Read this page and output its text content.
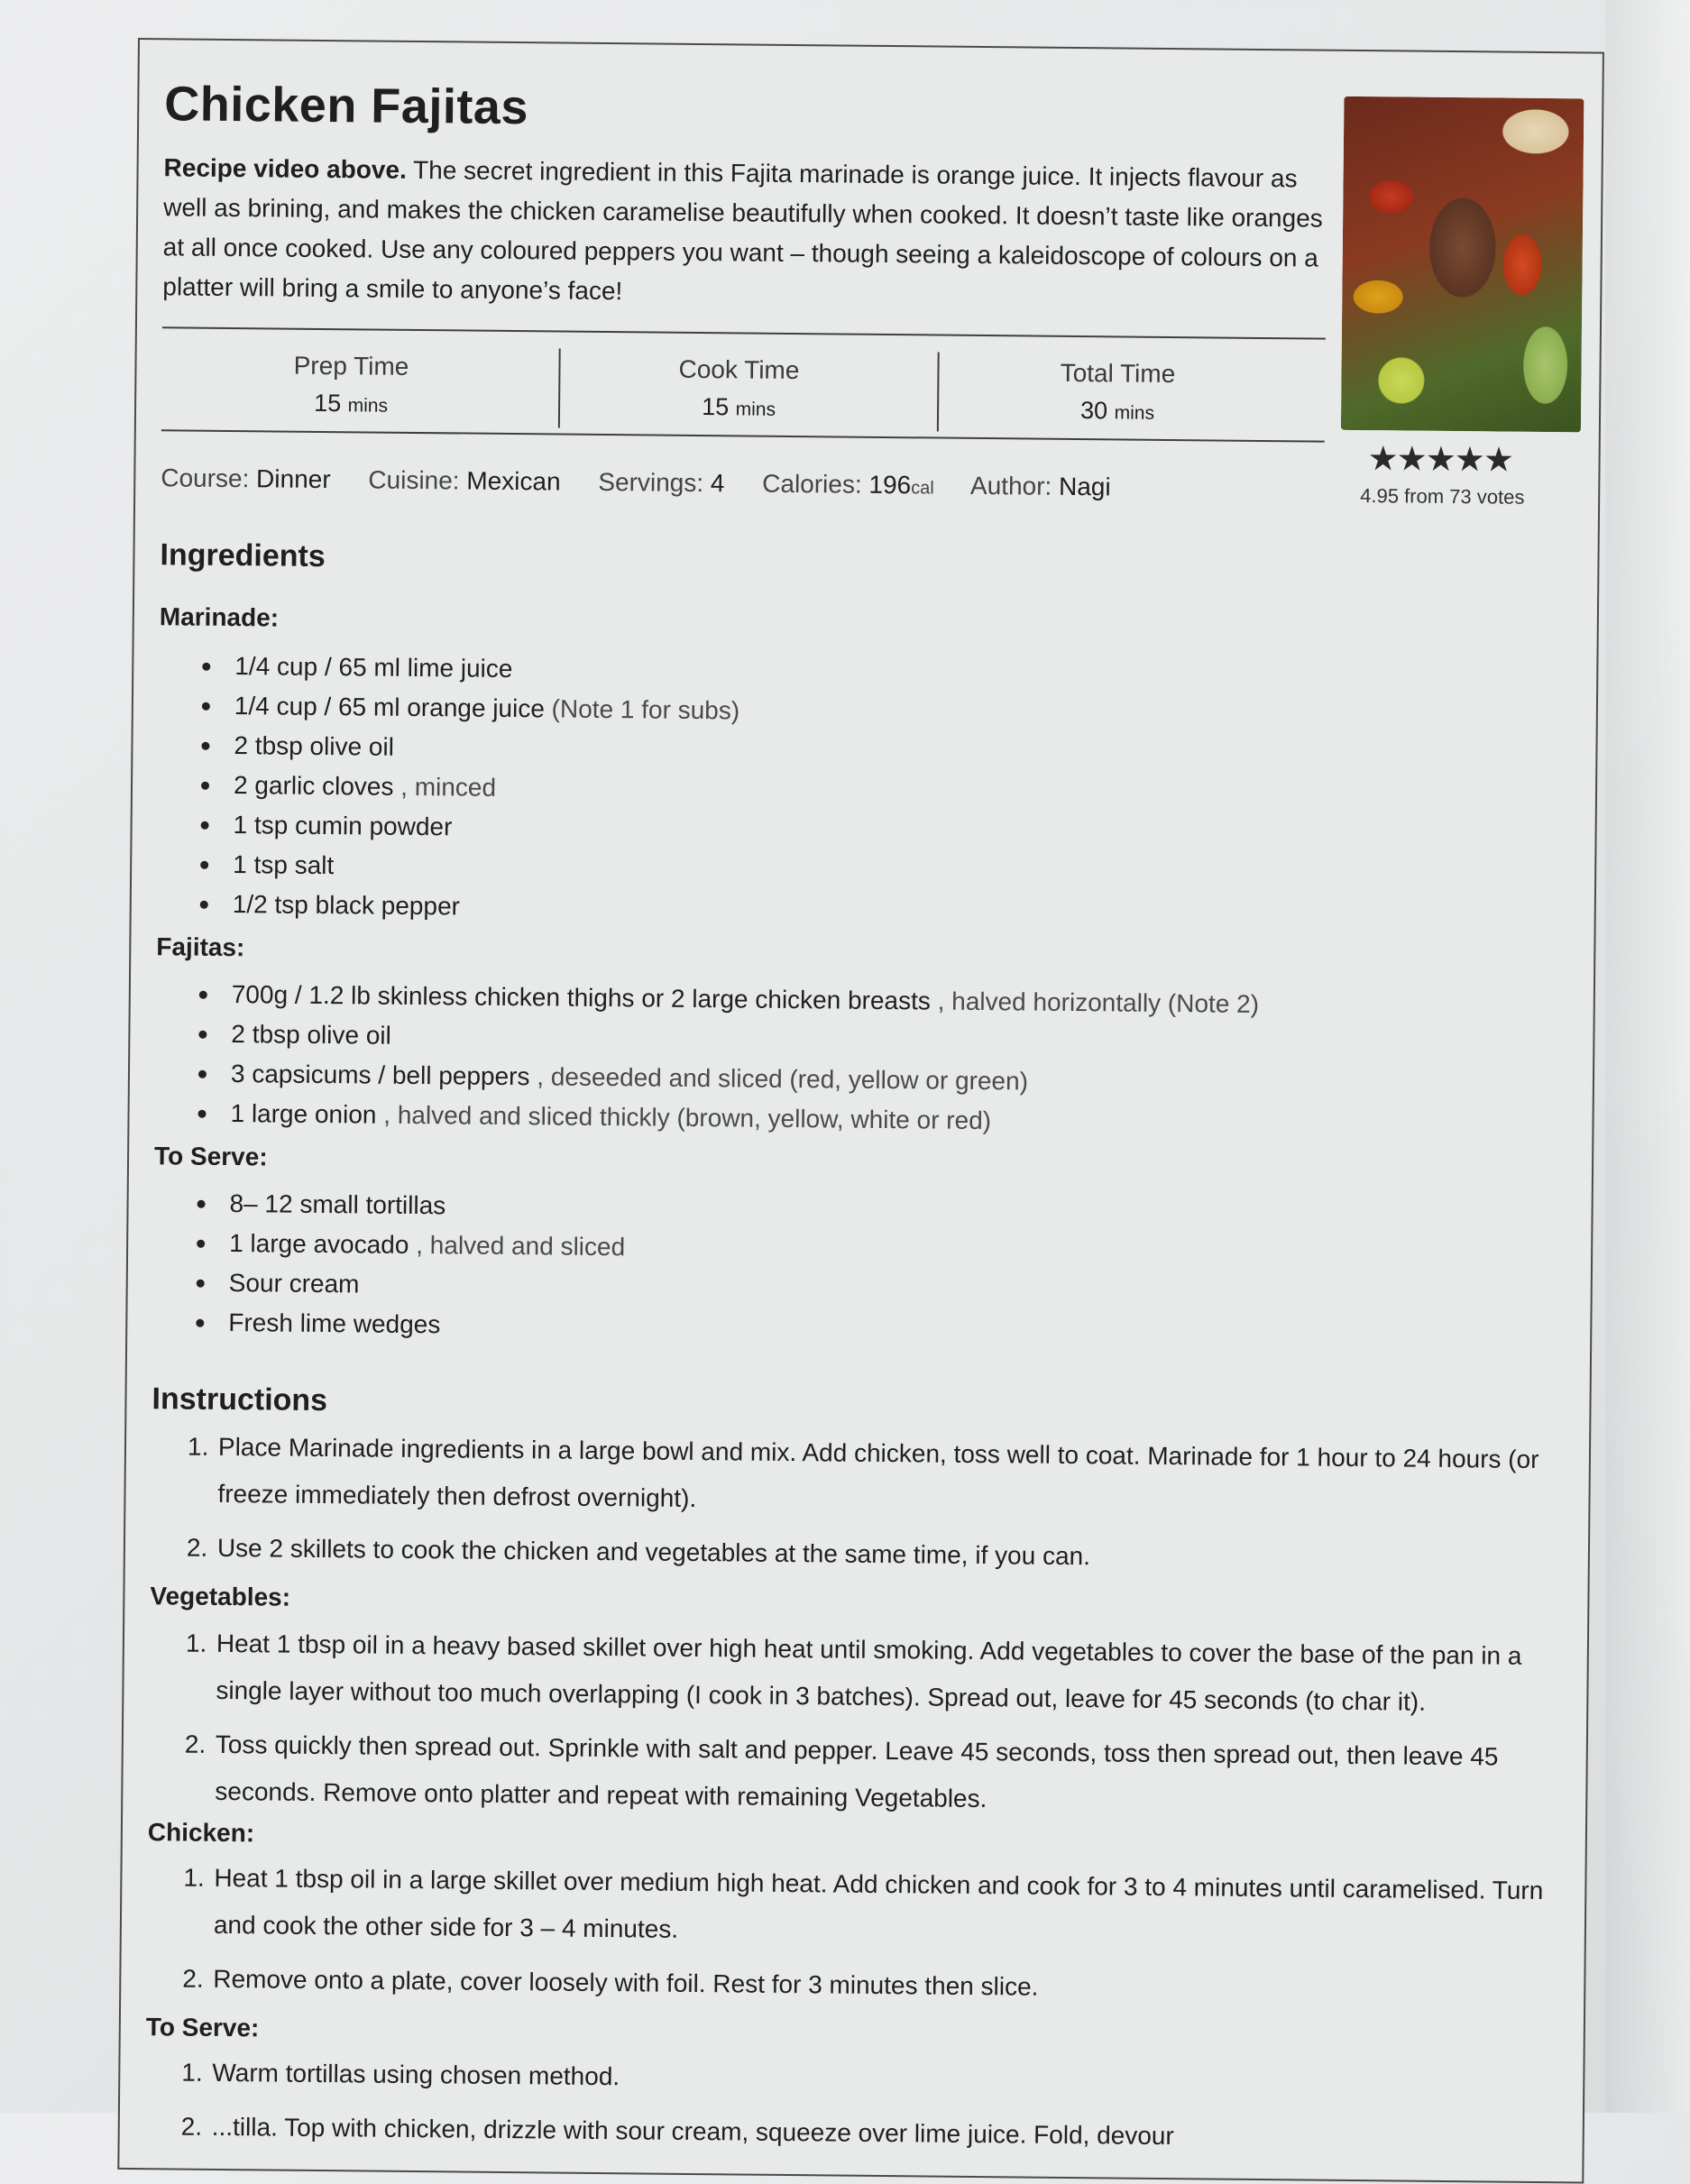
Chicken Fajitas
Recipe video above. The secret ingredient in this Fajita marinade is orange juice. It injects flavour as well as brining, and makes the chicken caramelise beautifully when cooked. It doesn’t taste like oranges at all once cooked. Use any coloured peppers you want – though seeing a kaleidoscope of colours on a platter will bring a smile to anyone’s face!
Prep Time
15 mins
Cook Time
15 mins
Total Time
30 mins
★★★★★
4.95 from 73 votes
Course: Dinner Cuisine: Mexican Servings: 4 Calories: 196cal Author: Nagi
Ingredients
Marinade:
1/4 cup / 65 ml lime juice
1/4 cup / 65 ml orange juice (Note 1 for subs)
2 tbsp olive oil
2 garlic cloves , minced
1 tsp cumin powder
1 tsp salt
1/2 tsp black pepper
Fajitas:
700g / 1.2 lb skinless chicken thighs or 2 large chicken breasts , halved horizontally (Note 2)
2 tbsp olive oil
3 capsicums / bell peppers , deseeded and sliced (red, yellow or green)
1 large onion , halved and sliced thickly (brown, yellow, white or red)
To Serve:
8– 12 small tortillas
1 large avocado , halved and sliced
Sour cream
Fresh lime wedges
Instructions
1. Place Marinade ingredients in a large bowl and mix. Add chicken, toss well to coat. Marinade for 1 hour to 24 hours (or freeze immediately then defrost overnight).
2. Use 2 skillets to cook the chicken and vegetables at the same time, if you can.
Vegetables:
1. Heat 1 tbsp oil in a heavy based skillet over high heat until smoking. Add vegetables to cover the base of the pan in a single layer without too much overlapping (I cook in 3 batches). Spread out, leave for 45 seconds (to char it).
2. Toss quickly then spread out. Sprinkle with salt and pepper. Leave 45 seconds, toss then spread out, then leave 45 seconds. Remove onto platter and repeat with remaining Vegetables.
Chicken:
1. Heat 1 tbsp oil in a large skillet over medium high heat. Add chicken and cook for 3 to 4 minutes until caramelised. Turn and cook the other side for 3 – 4 minutes.
2. Remove onto a plate, cover loosely with foil. Rest for 3 minutes then slice.
To Serve:
1. Warm tortillas using chosen method.
2. ...tilla. Top with chicken, drizzle with sour cream, squeeze over lime juice. Fold, devour
